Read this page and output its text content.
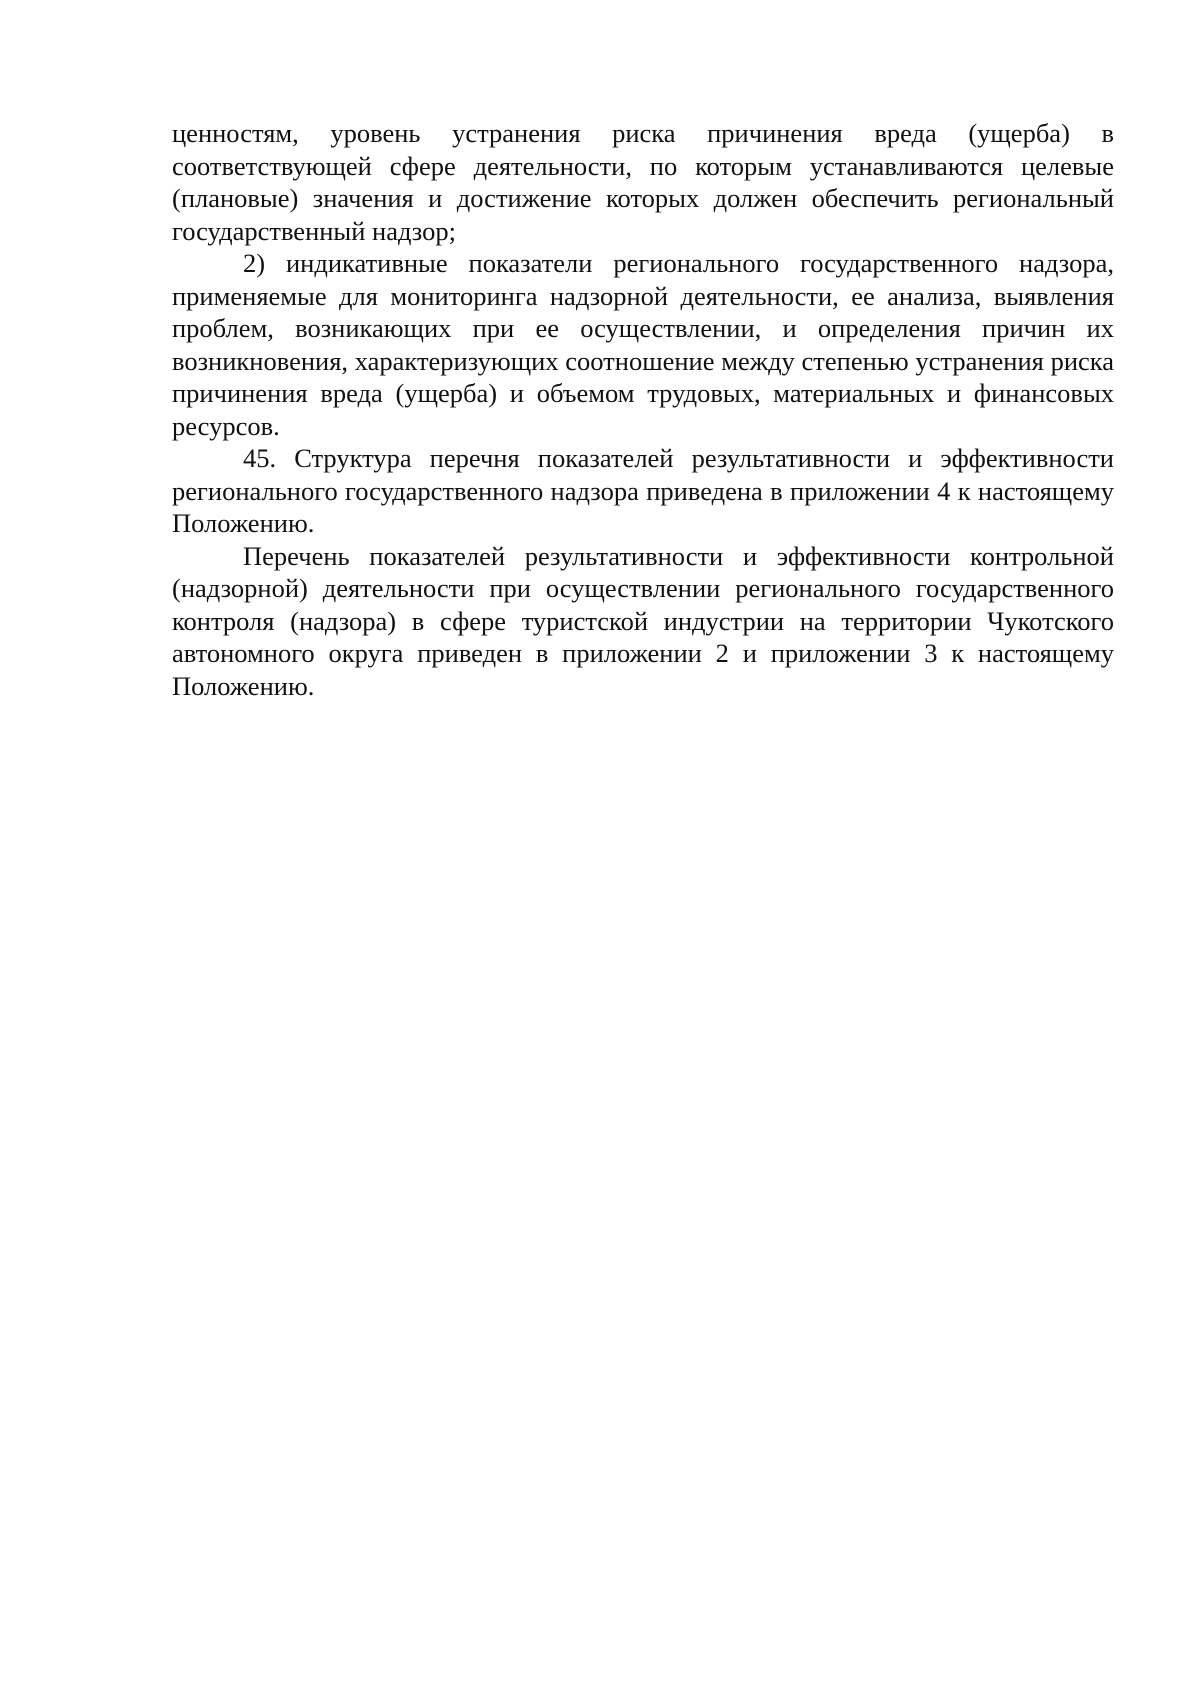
ценностям, уровень устранения риска причинения вреда (ущерба) в соответствующей сфере деятельности, по которым устанавливаются целевые (плановые) значения и достижение которых должен обеспечить региональный государственный надзор;

2) индикативные показатели регионального государственного надзора, применяемые для мониторинга надзорной деятельности, ее анализа, выявления проблем, возникающих при ее осуществлении, и определения причин их возникновения, характеризующих соотношение между степенью устранения риска причинения вреда (ущерба) и объемом трудовых, материальных и финансовых ресурсов.

45. Структура перечня показателей результативности и эффективности регионального государственного надзора приведена в приложении 4 к настоящему Положению.

Перечень показателей результативности и эффективности контрольной (надзорной) деятельности при осуществлении регионального государственного контроля (надзора) в сфере туристской индустрии на территории Чукотского автономного округа приведен в приложении 2 и приложении 3 к настоящему Положению.
